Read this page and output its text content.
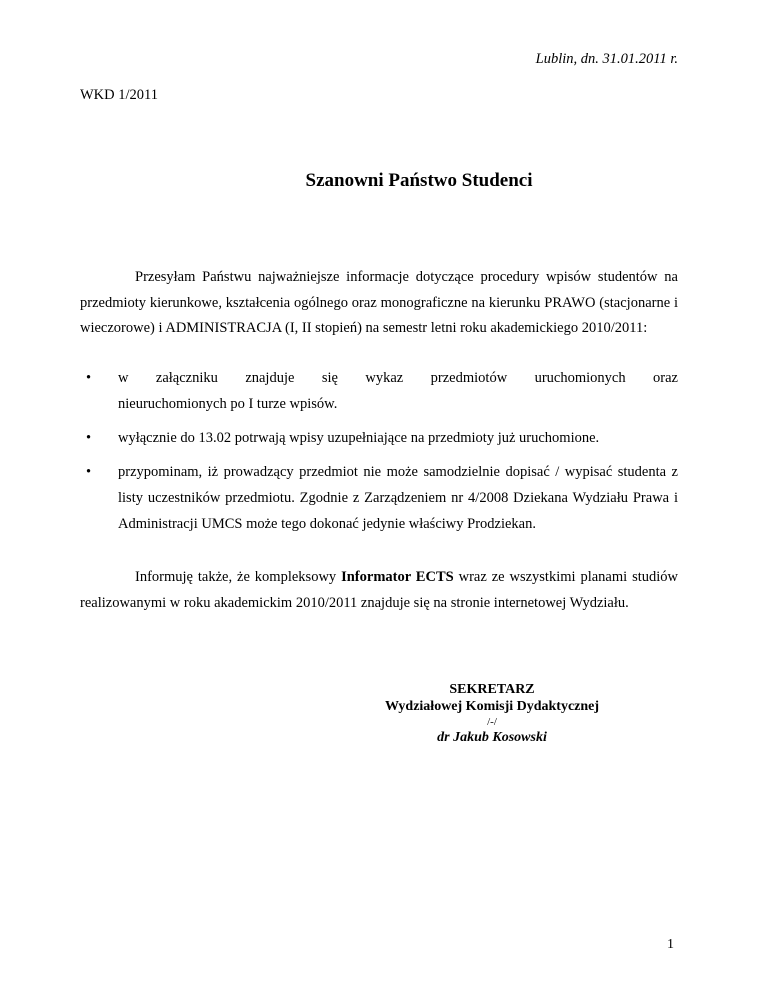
Lublin, dn. 31.01.2011 r.
WKD 1/2011
Szanowni Państwo Studenci
Przesyłam Państwu najważniejsze informacje dotyczące procedury wpisów studentów na przedmioty kierunkowe, kształcenia ogólnego oraz monograficzne na kierunku PRAWO (stacjonarne i wieczorowe) i ADMINISTRACJA (I, II stopień) na semestr letni roku akademickiego 2010/2011:
• w załączniku znajduje się wykaz przedmiotów uruchomionych oraz
nieuruchomionych po I turze wpisów.
• wyłącznie do 13.02 potrwają wpisy uzupełniające na przedmioty już uruchomione.
• przypominam, iż prowadzący przedmiot nie może samodzielnie dopisać / wypisać studenta z listy uczestników przedmiotu. Zgodnie z Zarządzeniem nr 4/2008 Dziekana Wydziału Prawa i Administracji UMCS może tego dokonać jedynie właściwy Prodziekan.
Informuję także, że kompleksowy Informator ECTS wraz ze wszystkimi planami studiów realizowanymi w roku akademickim 2010/2011 znajduje się na stronie internetowej Wydziału.
SEKRETARZ
Wydziałowej Komisji Dydaktycznej
/-/
dr Jakub Kosowski
1
